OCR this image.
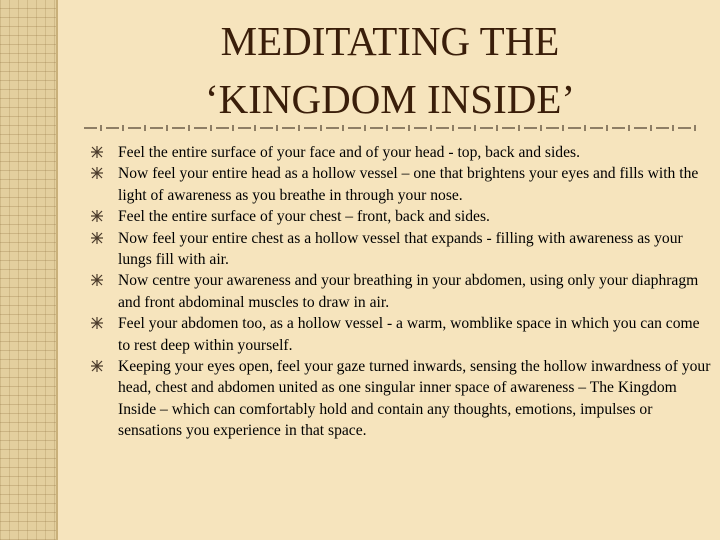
MEDITATING THE
‘KINGDOM INSIDE’
Feel the entire surface of your face and of your head - top, back and sides.
Now feel your entire head as a hollow vessel – one that brightens your eyes and fills with the light of awareness as you breathe in through your nose.
Feel the entire surface of your chest – front, back and sides.
Now feel your entire chest as a hollow vessel that expands - filling with awareness as your lungs fill with air.
Now centre your awareness and your breathing in your abdomen, using only your diaphragm and front abdominal muscles to draw in air.
Feel your abdomen too, as a hollow vessel - a warm, womblike space in which you can come to rest deep within yourself.
Keeping your eyes open, feel your gaze turned inwards, sensing the hollow inwardness of your head, chest and abdomen united as one singular inner space of awareness – The Kingdom Inside – which can comfortably hold and contain any thoughts, emotions, impulses or sensations you experience in that space.
